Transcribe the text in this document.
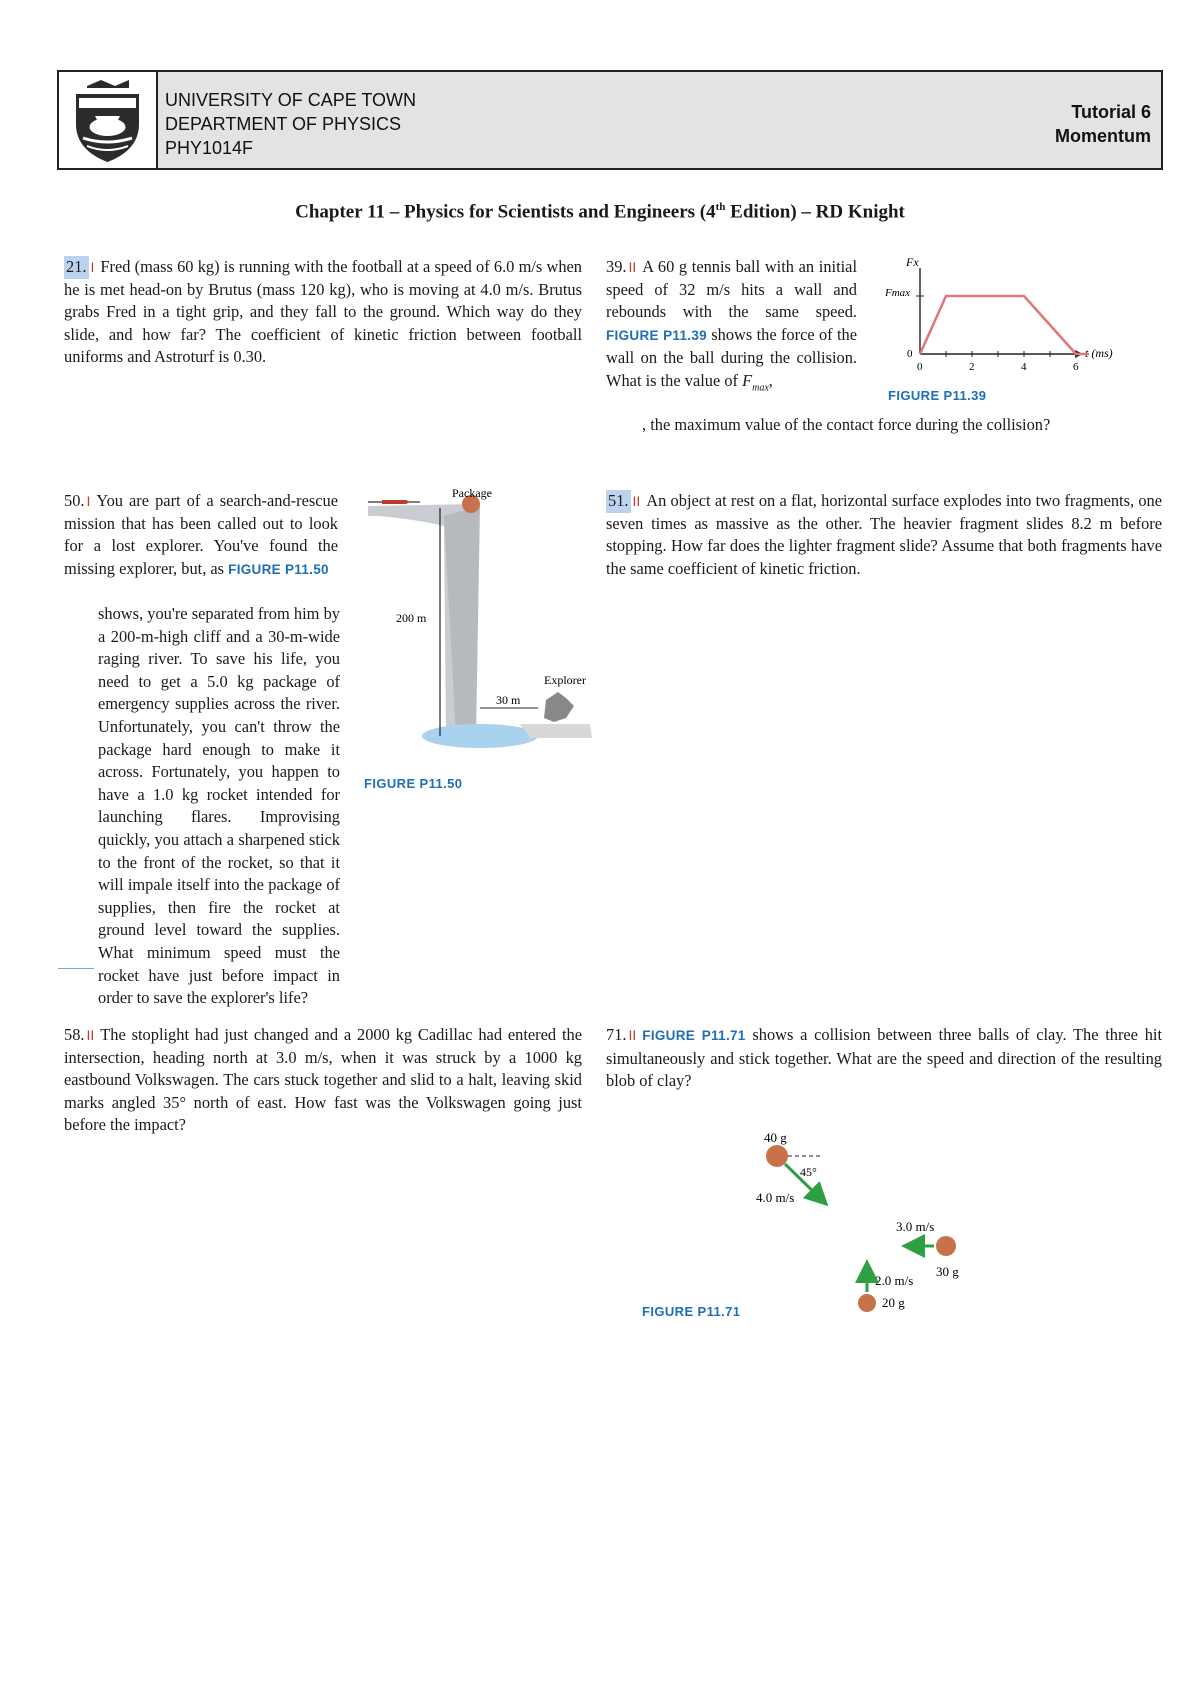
UNIVERSITY OF CAPE TOWN
DEPARTMENT OF PHYSICS
PHY1014F
Tutorial 6
Momentum
Chapter 11 – Physics for Scientists and Engineers (4th Edition) – RD Knight
21. I Fred (mass 60 kg) is running with the football at a speed of 6.0 m/s when he is met head-on by Brutus (mass 120 kg), who is moving at 4.0 m/s. Brutus grabs Fred in a tight grip, and they fall to the ground. Which way do they slide, and how far? The coefficient of kinetic friction between football uniforms and Astroturf is 0.30.
39. II A 60 g tennis ball with an initial speed of 32 m/s hits a wall and rebounds with the same speed. FIGURE P11.39 shows the force of the wall on the ball during the collision. What is the value of $F_{max}$,
, the maximum value of the contact force during the collision?
Fx
Fmax
t (ms)
0
0	2	4	6
FIGURE P11.39
50. I You are part of a search-and-rescue mission that has been called out to look for a lost explorer. You've found the missing explorer, but, as FIGURE P11.50
shows, you're separated from him by a 200-m-high cliff and a 30-m-wide raging river. To save his life, you need to get a 5.0 kg package of emergency supplies across the river. Unfortunately, you can't throw the package hard enough to make it across. Fortunately, you happen to have a 1.0 kg rocket intended for launching flares. Improvising quickly, you attach a sharpened stick to the front of the rocket, so that it will impale itself into the package of supplies, then fire the rocket at ground level toward the supplies. What minimum speed must the rocket have just before impact in order to save the explorer's life?
Package
200 m
30 m
Explorer
FIGURE P11.50
51. II An object at rest on a flat, horizontal surface explodes into two fragments, one seven times as massive as the other. The heavier fragment slides 8.2 m before stopping. How far does the lighter fragment slide? Assume that both fragments have the same coefficient of kinetic friction.
58. II The stoplight had just changed and a 2000 kg Cadillac had entered the intersection, heading north at 3.0 m/s, when it was struck by a 1000 kg eastbound Volkswagen. The cars stuck together and slid to a halt, leaving skid marks angled 35° north of east. How fast was the Volkswagen going just before the impact?
71. II FIGURE P11.71 shows a collision between three balls of clay. The three hit simultaneously and stick together. What are the speed and direction of the resulting blob of clay?
40 g
45°
4.0 m/s
3.0 m/s
30 g
2.0 m/s
20 g
FIGURE P11.71
